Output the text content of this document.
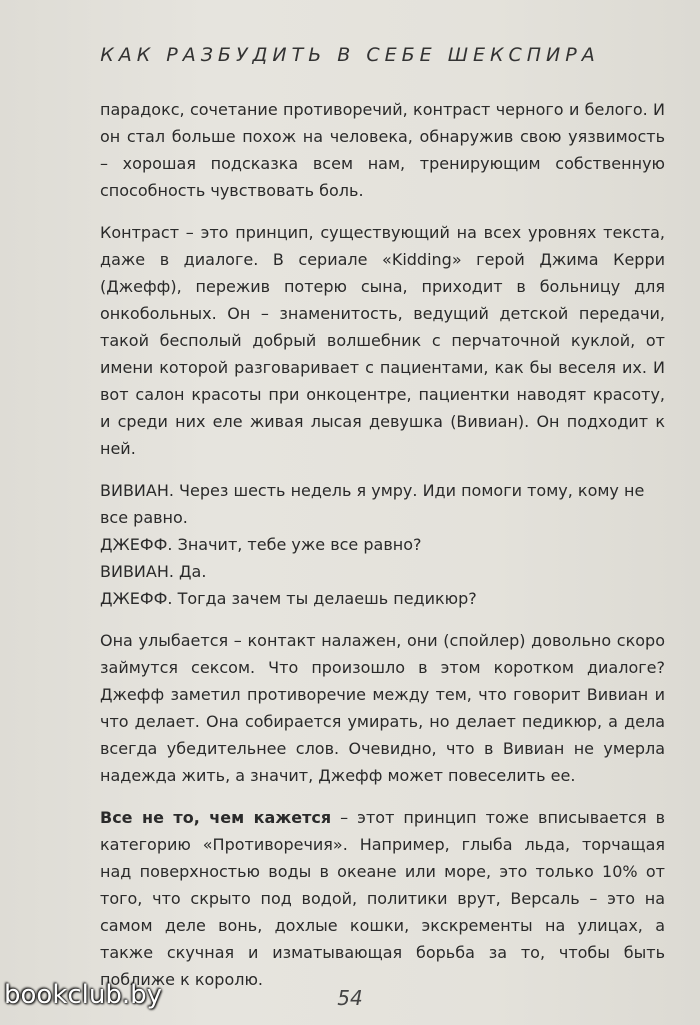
КАК РАЗБУДИТЬ В СЕБЕ ШЕКСПИРА

парадокс, сочетание противоречий, контраст черного и белого. И он стал больше похож на человека, обнаружив свою уязвимость – хорошая подсказка всем нам, тренирующим собственную способность чувствовать боль.

Контраст – это принцип, существующий на всех уровнях текста, даже в диалоге. В сериале «Kidding» герой Джима Керри (Джефф), пережив потерю сына, приходит в больницу для онкобольных. Он – знаменитость, ведущий детской передачи, такой бесполый добрый волшебник с перчаточной куклой, от имени которой разговаривает с пациентами, как бы веселя их. И вот салон красоты при онкоцентре, пациентки наводят красоту, и среди них еле живая лысая девушка (Вивиан). Он подходит к ней.

ВИВИАН. Через шесть недель я умру. Иди помоги тому, кому не все равно.

ДЖЕФФ. Значит, тебе уже все равно?

ВИВИАН. Да.

ДЖЕФФ. Тогда зачем ты делаешь педикюр?

Она улыбается – контакт налажен, они (спойлер) довольно скоро займутся сексом. Что произошло в этом коротком диалоге? Джефф заметил противоречие между тем, что говорит Вивиан и что делает. Она собирается умирать, но делает педикюр, а дела всегда убедительнее слов. Очевидно, что в Вивиан не умерла надежда жить, а значит, Джефф может повеселить ее.

Все не то, чем кажется – этот принцип тоже вписывается в категорию «Противоречия». Например, глыба льда, торчащая над поверхностью воды в океане или море, это только 10% от того, что скрыто под водой, политики врут, Версаль – это на самом деле вонь, дохлые кошки, экскременты на улицах, а также скучная и изматывающая борьба за то, чтобы быть поближе к королю.

54
bookclub.by
